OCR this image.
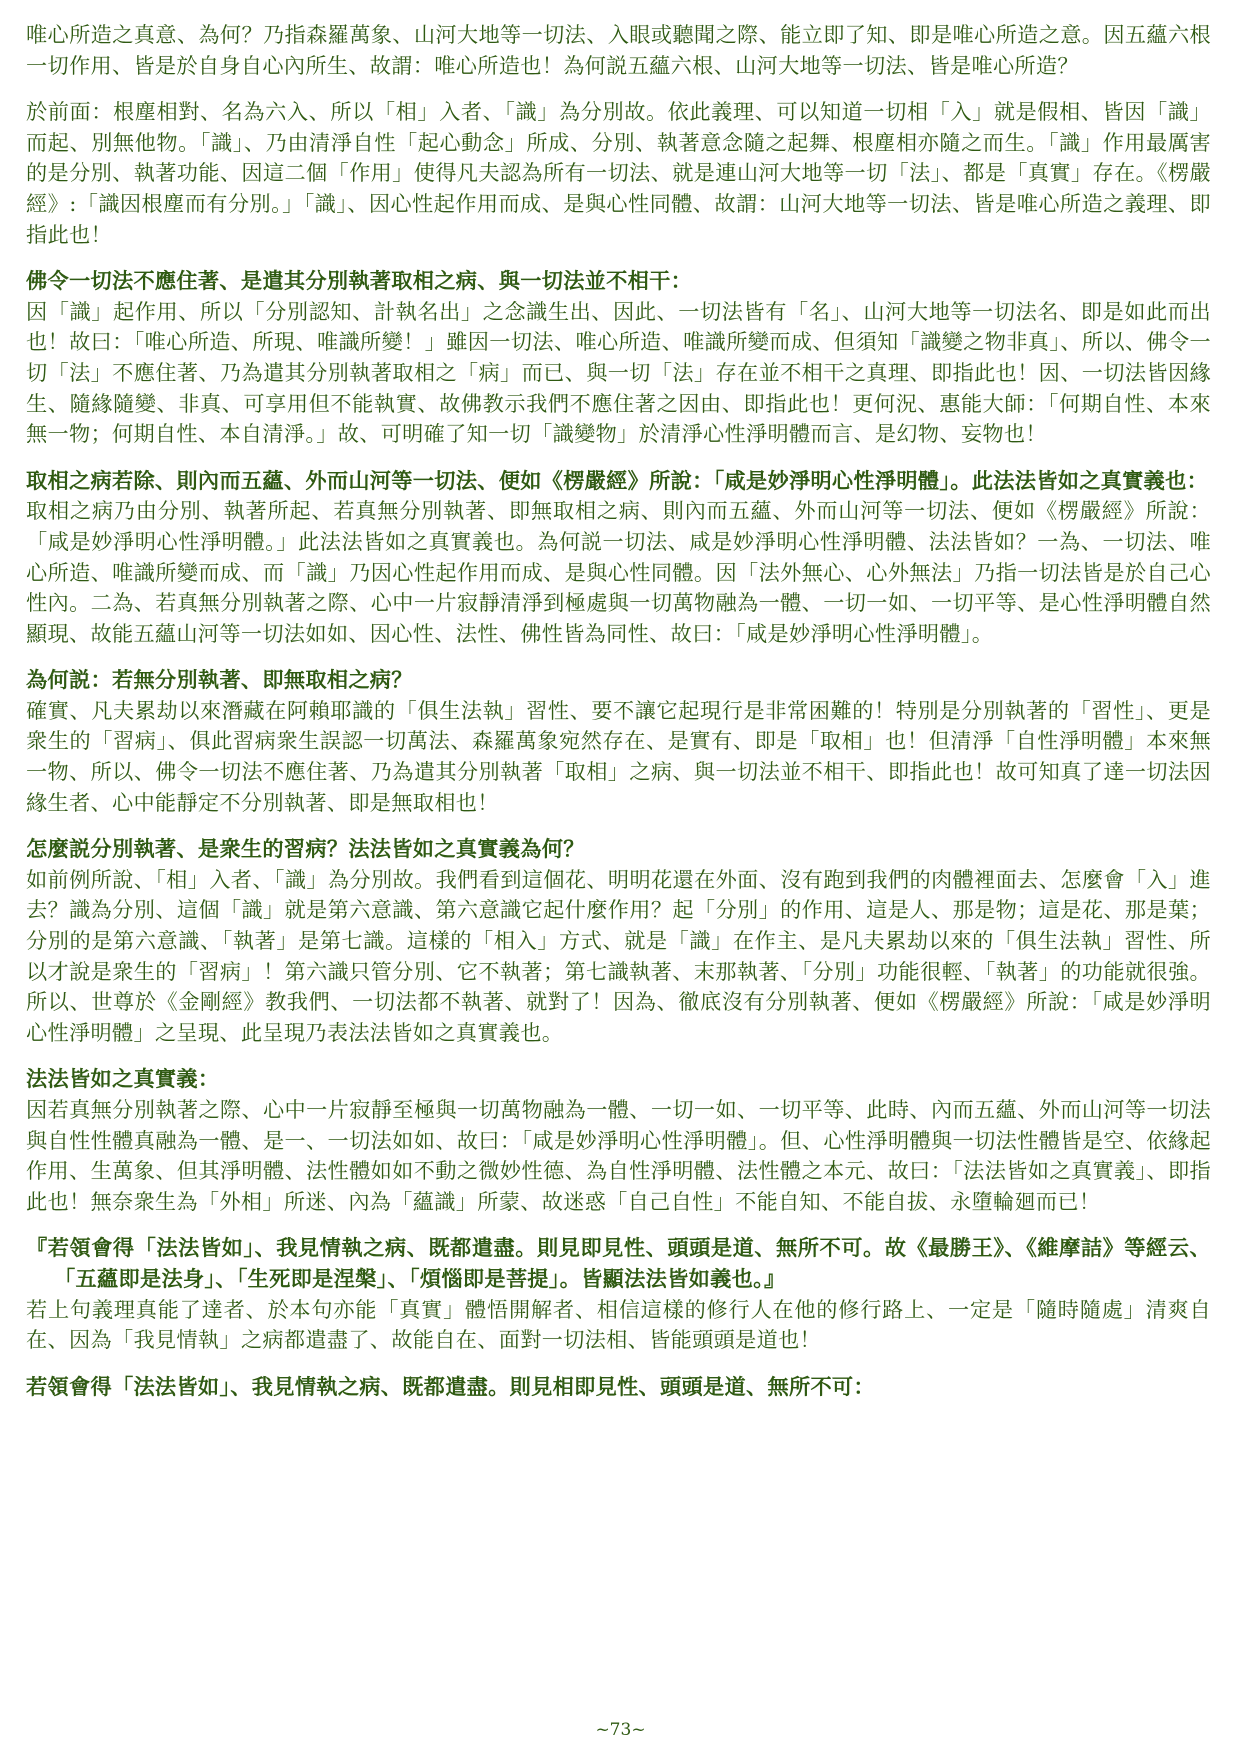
唯心所造之真意、為何？乃指森羅萬象、山河大地等一切法、入眼或聽聞之際、能立即了知、即是唯心所造之意。因五蘊六根一切作用、皆是於自身自心內所生、故謂：唯心所造也！為何説五蘊六根、山河大地等一切法、皆是唯心所造？

於前面：根塵相對、名為六入、所以「相」入者、「識」為分別故。依此義理、可以知道一切相「入」就是假相、皆因「識」而起、別無他物。「識」、乃由清淨自性「起心動念」所成、分別、執著意念隨之起舞、根塵相亦隨之而生。「識」作用最厲害的是分別、執著功能、因這二個「作用」使得凡夫認為所有一切法、就是連山河大地等一切「法」、都是「真實」存在。《楞嚴經》:「識因根塵而有分別。」「識」、因心性起作用而成、是與心性同體、故謂：山河大地等一切法、皆是唯心所造之義理、即指此也！

佛令一切法不應住著、是遣其分別執著取相之病、與一切法並不相干：

因「識」起作用、所以「分別認知、計執名出」之念識生出、因此、一切法皆有「名」、山河大地等一切法名、即是如此而出也！故曰：「唯心所造、所現、唯識所變！」雖因一切法、唯心所造、唯識所變而成、但須知「識變之物非真」、所以、佛令一切「法」不應住著、乃為遣其分別執著取相之「病」而已、與一切「法」存在並不相干之真理、即指此也！因、一切法皆因緣生、隨緣隨變、非真、可享用但不能執實、故佛教示我們不應住著之因由、即指此也！更何況、惠能大師：「何期自性、本來無一物；何期自性、本自清淨。」故、可明確了知一切「識變物」於清淨心性淨明體而言、是幻物、妄物也！

取相之病若除、則內而五蘊、外而山河等一切法、便如《楞嚴經》所說：「咸是妙淨明心性淨明體」。此法法皆如之真實義也：

取相之病乃由分別、執著所起、若真無分別執著、即無取相之病、則內而五蘊、外而山河等一切法、便如《楞嚴經》所說：「咸是妙淨明心性淨明體。」此法法皆如之真實義也。為何説一切法、咸是妙淨明心性淨明體、法法皆如？一為、一切法、唯心所造、唯識所變而成、而「識」乃因心性起作用而成、是與心性同體。因「法外無心、心外無法」乃指一切法皆是於自己心性內。二為、若真無分別執著之際、心中一片寂靜清淨到極處與一切萬物融為一體、一切一如、一切平等、是心性淨明體自然顯現、故能五蘊山河等一切法如如、因心性、法性、佛性皆為同性、故曰：「咸是妙淨明心性淨明體」。

為何説：若無分別執著、即無取相之病？

確實、凡夫累劫以來潛藏在阿賴耶識的「俱生法執」習性、要不讓它起現行是非常困難的！特別是分別執著的「習性」、更是衆生的「習病」、俱此習病衆生誤認一切萬法、森羅萬象宛然存在、是實有、即是「取相」也！但清淨「自性淨明體」本來無一物、所以、佛令一切法不應住著、乃為遣其分別執著「取相」之病、與一切法並不相干、即指此也！故可知真了達一切法因緣生者、心中能靜定不分別執著、即是無取相也！

怎麼説分別執著、是衆生的習病？法法皆如之真實義為何？

如前例所說、「相」入者、「識」為分別故。我們看到這個花、明明花還在外面、沒有跑到我們的肉體裡面去、怎麼會「入」進去？識為分別、這個「識」就是第六意識、第六意識它起什麼作用？起「分別」的作用、這是人、那是物；這是花、那是葉；分別的是第六意識、「執著」是第七識。這樣的「相入」方式、就是「識」在作主、是凡夫累劫以來的「俱生法執」習性、所以才說是衆生的「習病」！第六識只管分別、它不執著；第七識執著、末那執著、「分別」功能很輕、「執著」的功能就很強。所以、世尊於《金剛經》教我們、一切法都不執著、就對了！因為、徹底沒有分別執著、便如《楞嚴經》所說：「咸是妙淨明心性淨明體」之呈現、此呈現乃表法法皆如之真實義也。

法法皆如之真實義：

因若真無分別執著之際、心中一片寂靜至極與一切萬物融為一體、一切一如、一切平等、此時、內而五蘊、外而山河等一切法與自性性體真融為一體、是一、一切法如如、故曰：「咸是妙淨明心性淨明體」。但、心性淨明體與一切法性體皆是空、依緣起作用、生萬象、但其淨明體、法性體如如不動之微妙性德、為自性淨明體、法性體之本元、故曰：「法法皆如之真實義」、即指此也！無奈衆生為「外相」所迷、內為「蘊識」所蒙、故迷惑「自己自性」不能自知、不能自拔、永墮輪廻而已！

『若領會得「法法皆如」、我見情執之病、既都遣盡。則見即見性、頭頭是道、無所不可。故《最勝王》、《維摩詰》等經云、「五蘊即是法身」、「生死即是涅槃」、「煩惱即是菩提」。皆顯法法皆如義也。』

若上句義理真能了達者、於本句亦能「真實」體悟開解者、相信這樣的修行人在他的修行路上、一定是「隨時隨處」清爽自在、因為「我見情執」之病都遣盡了、故能自在、面對一切法相、皆能頭頭是道也！

若領會得「法法皆如」、我見情執之病、既都遣盡。則見相即見性、頭頭是道、無所不可：
~73~
